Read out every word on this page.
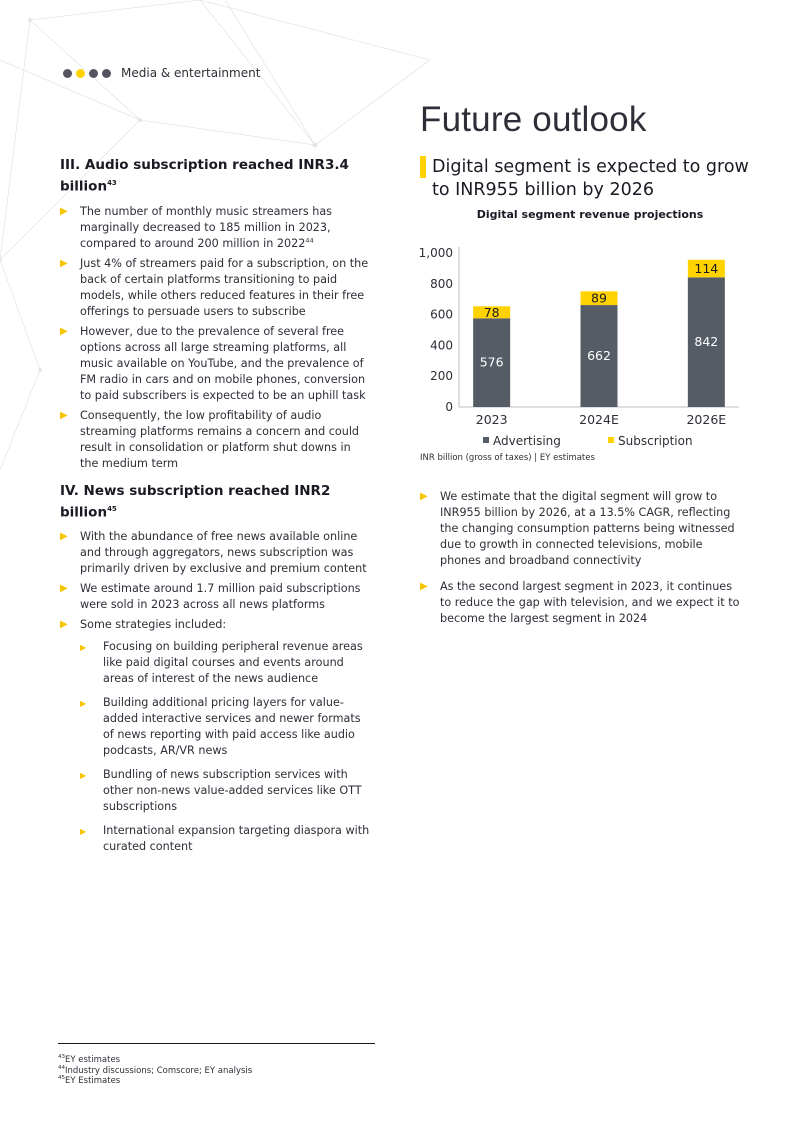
Media & entertainment
Future outlook
III. Audio subscription reached INR3.4 billion$^{43}$
▶ The number of monthly music streamers has marginally decreased to 185 million in 2023, compared to around 200 million in 2022$^{44}$
▶ Just 4% of streamers paid for a subscription, on the back of certain platforms transitioning to paid models, while others reduced features in their free offerings to persuade users to subscribe
▶ However, due to the prevalence of several free options across all large streaming platforms, all music available on YouTube, and the prevalence of FM radio in cars and on mobile phones, conversion to paid subscribers is expected to be an uphill task
▶ Consequently, the low profitability of audio streaming platforms remains a concern and could result in consolidation or platform shut downs in the medium term
IV. News subscription reached INR2 billion$^{45}$
▶ With the abundance of free news available online and through aggregators, news subscription was primarily driven by exclusive and premium content
▶ We estimate around 1.7 million paid subscriptions were sold in 2023 across all news platforms
▶ Some strategies included:
▶ Focusing on building peripheral revenue areas like paid digital courses and events around areas of interest of the news audience
▶ Building additional pricing layers for value-added interactive services and newer formats of news reporting with paid access like audio podcasts, AR/VR news
▶ Bundling of news subscription services with other non-news value-added services like OTT subscriptions
▶ International expansion targeting diaspora with curated content
Digital segment is expected to grow to INR955 billion by 2026
Digital segment revenue projections
0
200
400
600
800
1,000
576
78
2023
662
89
2024E
842
114
2026E
Advertising	Subscription
INR billion (gross of taxes) | EY estimates
▶ We estimate that the digital segment will grow to INR955 billion by 2026, at a 13.5% CAGR, reflecting the changing consumption patterns being witnessed due to growth in connected televisions, mobile phones and broadband connectivity
▶ As the second largest segment in 2023, it continues to reduce the gap with television, and we expect it to become the largest segment in 2024
$^{43}$EY estimates
$^{44}$Industry discussions; Comscore; EY analysis
$^{45}$EY Estimates
